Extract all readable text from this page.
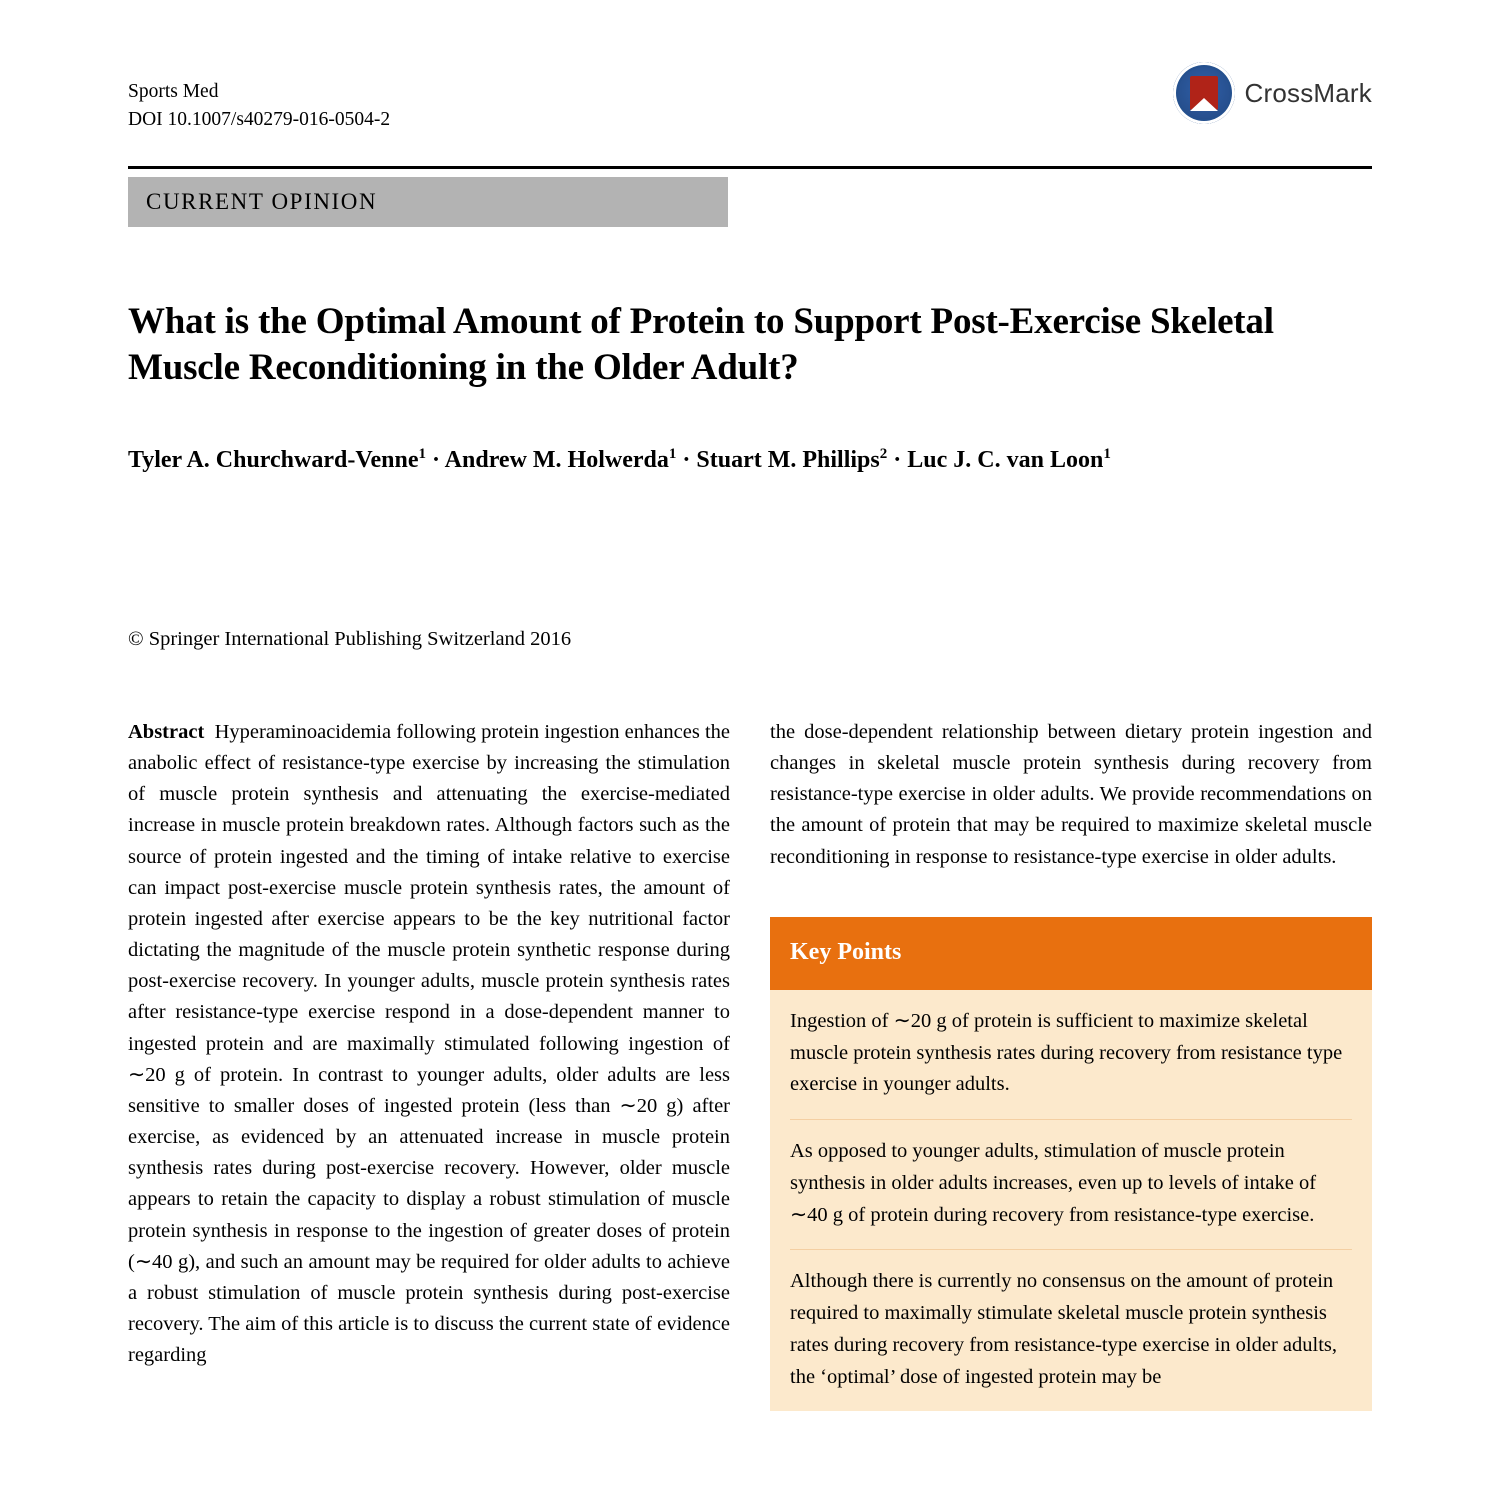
Sports Med
DOI 10.1007/s40279-016-0504-2
CrossMark
CURRENT OPINION
What is the Optimal Amount of Protein to Support Post-Exercise Skeletal Muscle Reconditioning in the Older Adult?
Tyler A. Churchward-Venne$^1$ · Andrew M. Holwerda$^1$ · Stuart M. Phillips$^2$ · Luc J. C. van Loon$^1$
© Springer International Publishing Switzerland 2016

Abstract Hyperaminoacidemia following protein ingestion enhances the anabolic effect of resistance-type exercise by increasing the stimulation of muscle protein synthesis and attenuating the exercise-mediated increase in muscle protein breakdown rates. Although factors such as the source of protein ingested and the timing of intake relative to exercise can impact post-exercise muscle protein synthesis rates, the amount of protein ingested after exercise appears to be the key nutritional factor dictating the magnitude of the muscle protein synthetic response during post-exercise recovery. In younger adults, muscle protein synthesis rates after resistance-type exercise respond in a dose-dependent manner to ingested protein and are maximally stimulated following ingestion of ∼20 g of protein. In contrast to younger adults, older adults are less sensitive to smaller doses of ingested protein (less than ∼20 g) after exercise, as evidenced by an attenuated increase in muscle protein synthesis rates during post-exercise recovery. However, older muscle appears to retain the capacity to display a robust stimulation of muscle protein synthesis in response to the ingestion of greater doses of protein (∼40 g), and such an amount may be required for older adults to achieve a robust stimulation of muscle protein synthesis during post-exercise recovery. The aim of this article is to discuss the current state of evidence regarding

the dose-dependent relationship between dietary protein ingestion and changes in skeletal muscle protein synthesis during recovery from resistance-type exercise in older adults. We provide recommendations on the amount of protein that may be required to maximize skeletal muscle reconditioning in response to resistance-type exercise in older adults.

Key Points
Ingestion of ∼20 g of protein is sufficient to maximize skeletal muscle protein synthesis rates during recovery from resistance type exercise in younger adults.
As opposed to younger adults, stimulation of muscle protein synthesis in older adults increases, even up to levels of intake of ∼40 g of protein during recovery from resistance-type exercise.
Although there is currently no consensus on the amount of protein required to maximally stimulate skeletal muscle protein synthesis rates during recovery from resistance-type exercise in older adults, the ‘optimal’ dose of ingested protein may be
